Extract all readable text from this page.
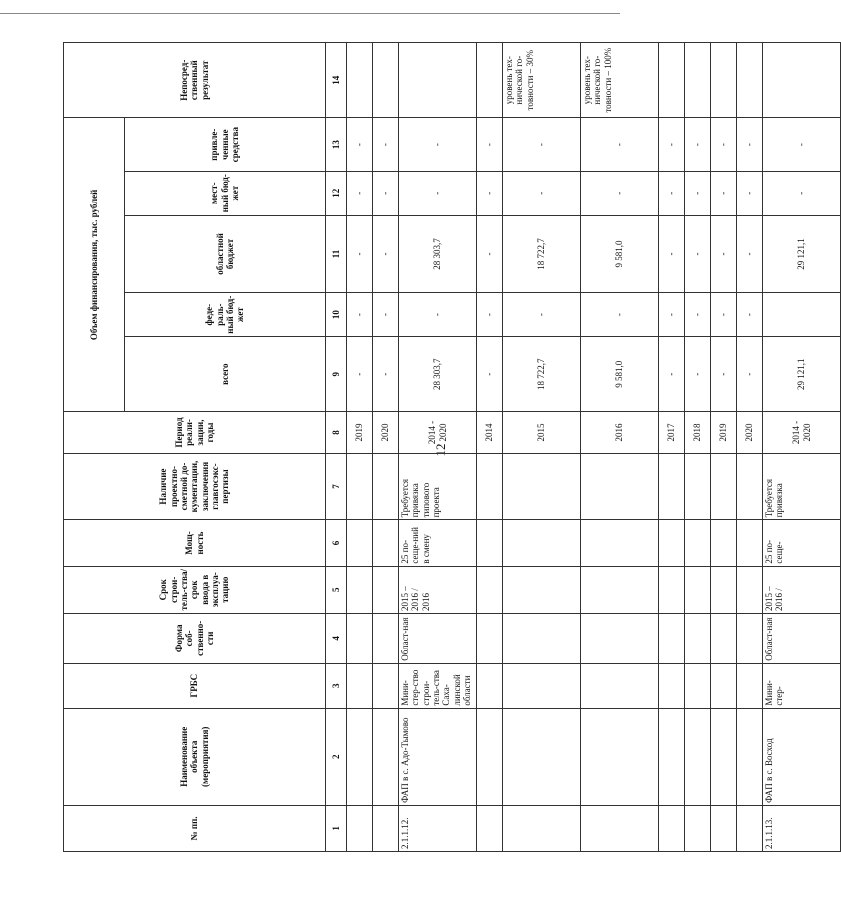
12
№ пп.	Наименование объекта (мероприятия)	ГРБС	Форма соб-ственно-сти	Срок строи-тель-ства/срок ввода в эксплуа-тацию	Мощ-ность	Наличие проектно-сметной до-кументации, заключения главгосэкс-пертизы	Период реали-зации, годы	Объем финансирования, тыс. рублей					Непосред-ственный результат
								всего	феде-раль-ный бюд-жет	областной бюджет	мест-ный бюд-жет	привле-ченные средства	
1	2	3	4	5	6	7	8	9	10	11	12	13	14
							2019	-	-	-	-	-	
							2020	-	-	-	-	-	
2.1.1.12.	ФАП в с. Адо-Тымово	Мини-стер-ство строи-тель-ства Саха-линской области	Област-ная	2015 – 2016 / 2016	25 по-сеще-ний в смену	Требуется привязка типового проекта	2014 - 2020	28 303,7	-	28 303,7	-	-	
							2014	-	-	-	-	-	
							2015	18 722,7	-	18 722,7	-	-	уровень тех-нической го-товности – 30%
							2016	9 581,0	-	9 581,0	-	-	уровень тех-нической го-товности – 100%
							2017	-	-	-	-	-	
							2018	-	-	-	-	-	
							2019	-	-	-	-	-	
							2020	-	-	-	-	-	
2.1.1.13.	ФАП в с. Восход	Мини-стер-	Област-ная	2015 – 2016 /	25 по-сеще-	Требуется привязка	2014 - 2020	29 121,1		29 121,1	-	-	
